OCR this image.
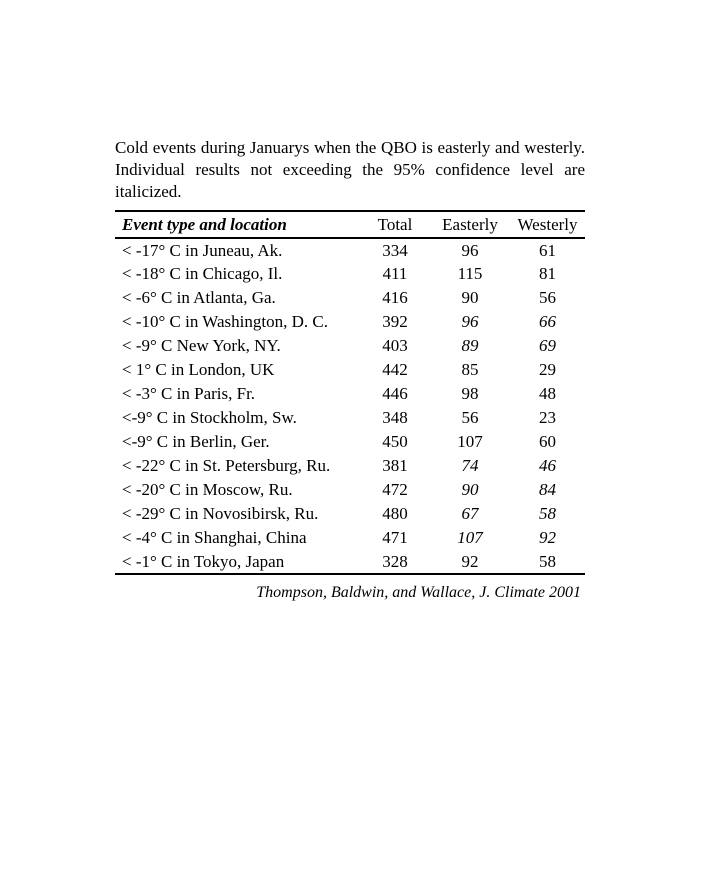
Cold events during Januarys when the QBO is easterly and westerly. Individual results not exceeding the 95% confidence level are italicized.

Event type and location	Total	Easterly	Westerly
< -17° C in Juneau, Ak.	334	96	61
< -18° C in Chicago, Il.	411	115	81
< -6° C in Atlanta, Ga.	416	90	56
< -10° C in Washington, D. C.	392	96	66
< -9° C New York, NY.	403	89	69
< 1° C in London, UK	442	85	29
< -3° C in Paris, Fr.	446	98	48
<-9° C in Stockholm, Sw.	348	56	23
<-9° C in Berlin, Ger.	450	107	60
< -22° C in St. Petersburg, Ru.	381	74	46
< -20° C in Moscow, Ru.	472	90	84
< -29° C in Novosibirsk, Ru.	480	67	58
< -4° C in Shanghai, China	471	107	92
< -1° C in Tokyo, Japan	328	92	58

Thompson, Baldwin, and Wallace, J. Climate 2001
